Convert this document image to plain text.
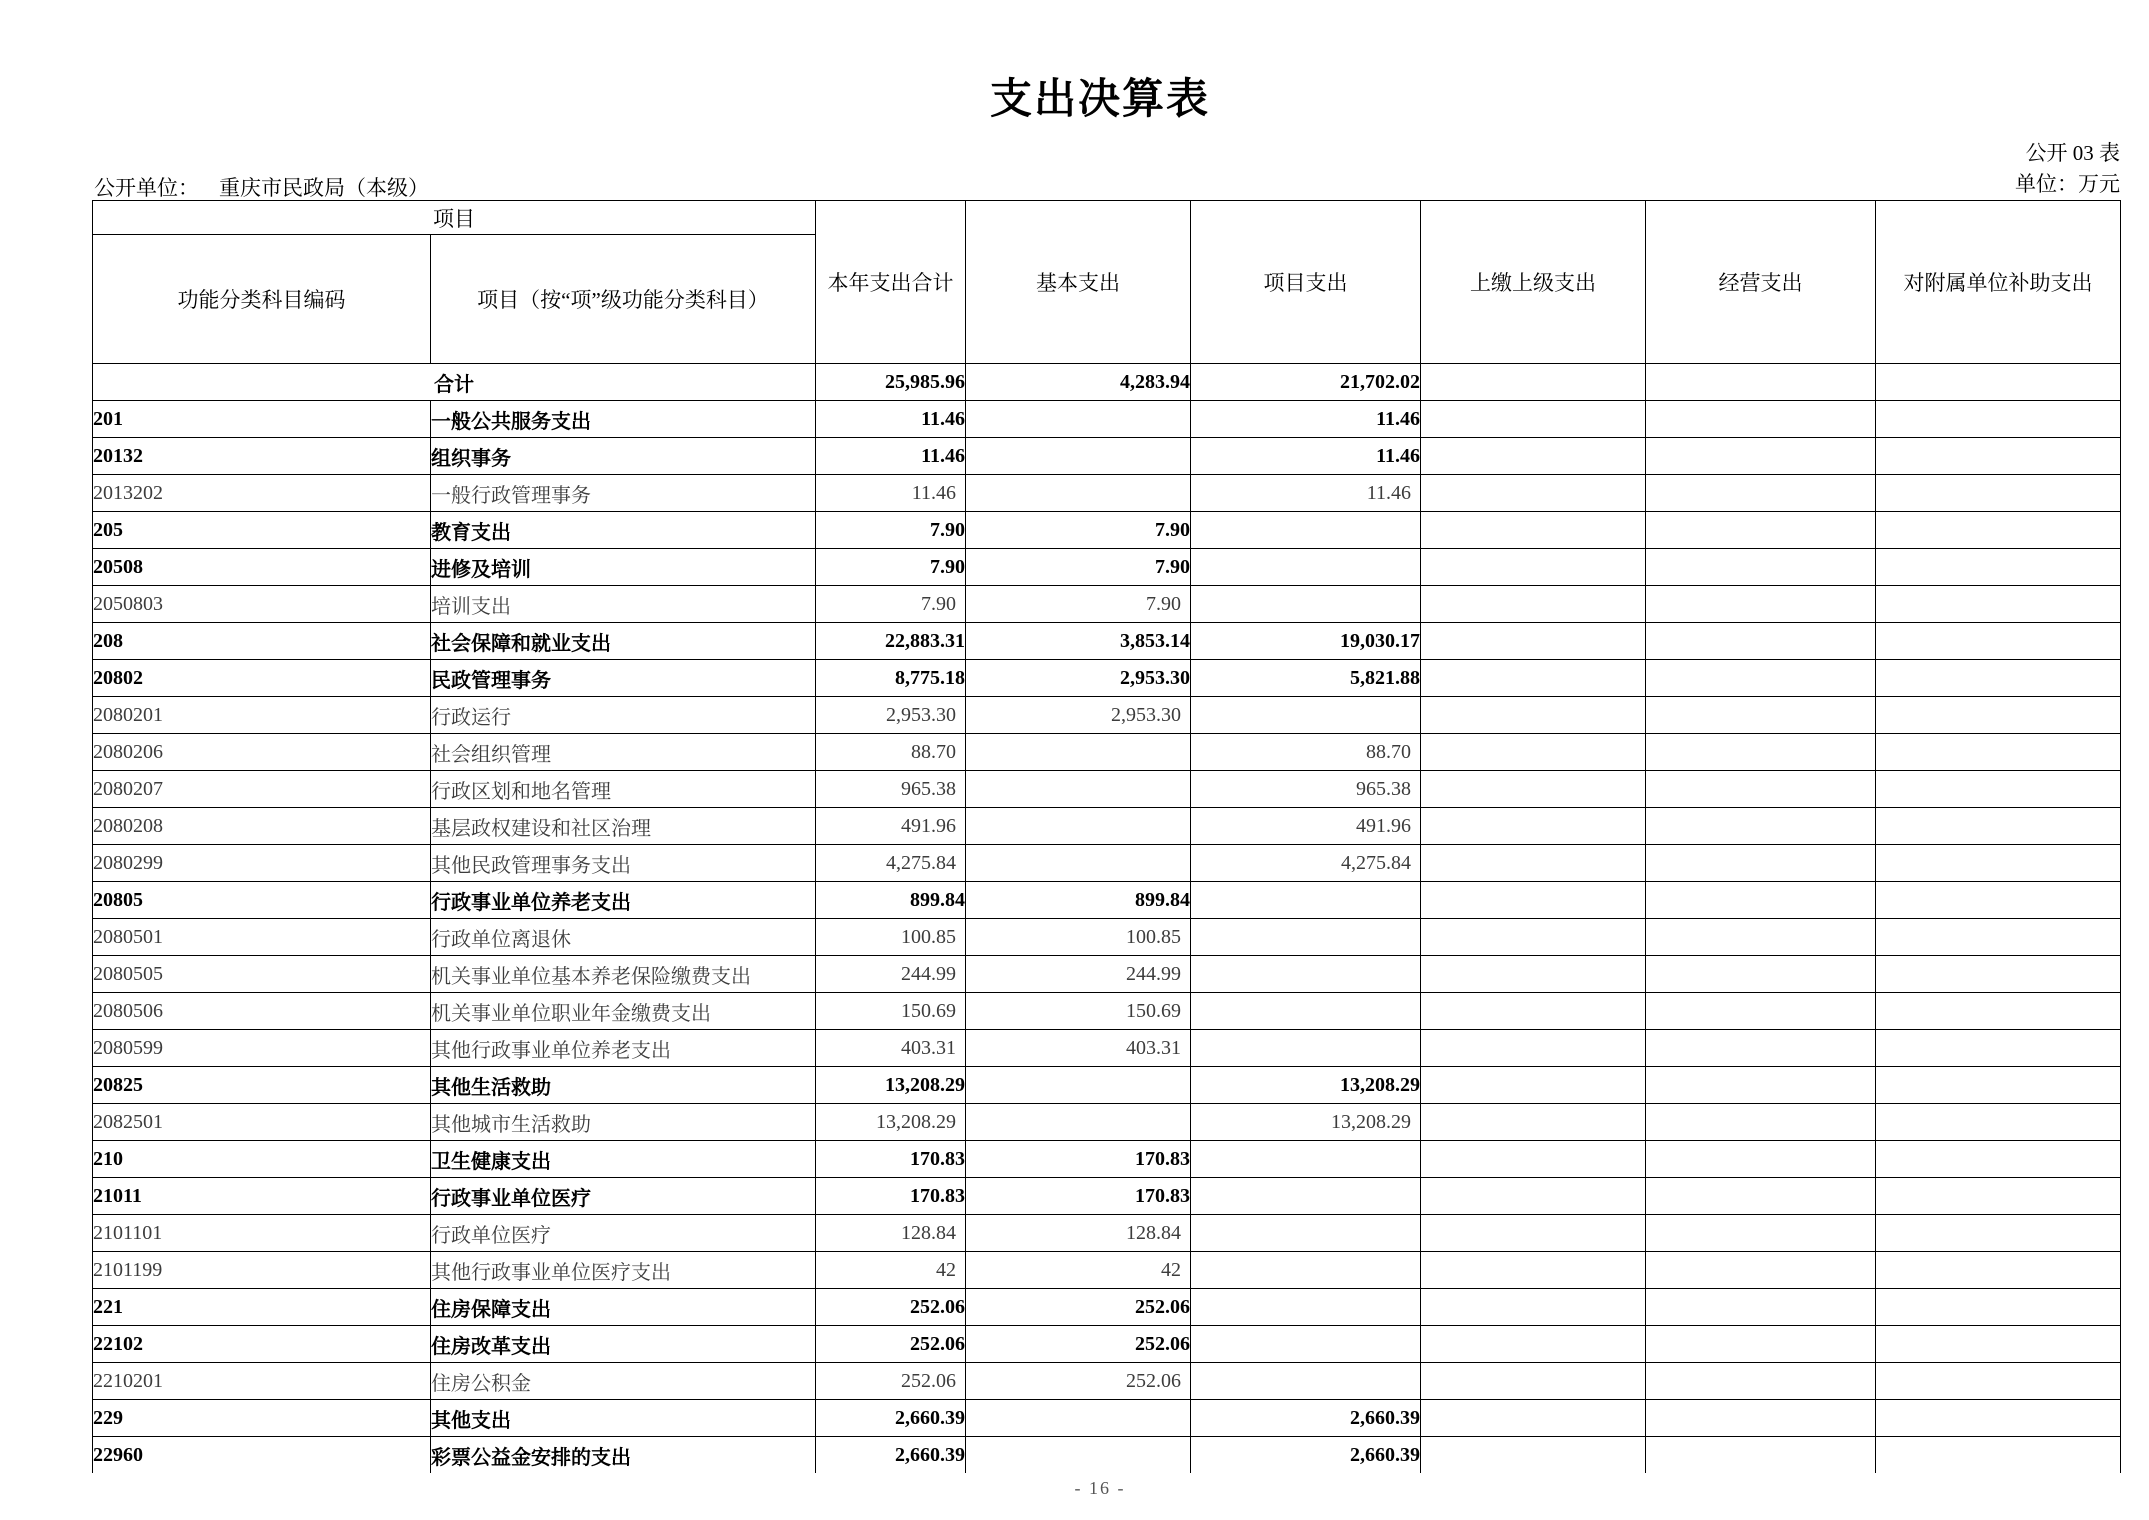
支出决算表
公开 03 表
单位：万元
公开单位： 重庆市民政局（本级）
项目		本年支出合计	基本支出	项目支出	上缴上级支出	经营支出	对附属单位补助支出
功能分类科目编码	项目（按“项”级功能分类科目）						
合计		25,985.96	4,283.94	21,702.02			
201	一般公共服务支出	11.46		11.46			
20132	组织事务	11.46		11.46			
2013202	一般行政管理事务	11.46		11.46			
205	教育支出	7.90	7.90				
20508	进修及培训	7.90	7.90				
2050803	培训支出	7.90	7.90				
208	社会保障和就业支出	22,883.31	3,853.14	19,030.17			
20802	民政管理事务	8,775.18	2,953.30	5,821.88			
2080201	行政运行	2,953.30	2,953.30				
2080206	社会组织管理	88.70		88.70			
2080207	行政区划和地名管理	965.38		965.38			
2080208	基层政权建设和社区治理	491.96		491.96			
2080299	其他民政管理事务支出	4,275.84		4,275.84			
20805	行政事业单位养老支出	899.84	899.84				
2080501	行政单位离退休	100.85	100.85				
2080505	机关事业单位基本养老保险缴费支出	244.99	244.99				
2080506	机关事业单位职业年金缴费支出	150.69	150.69				
2080599	其他行政事业单位养老支出	403.31	403.31				
20825	其他生活救助	13,208.29		13,208.29			
2082501	其他城市生活救助	13,208.29		13,208.29			
210	卫生健康支出	170.83	170.83				
21011	行政事业单位医疗	170.83	170.83				
2101101	行政单位医疗	128.84	128.84				
2101199	其他行政事业单位医疗支出	42	42				
221	住房保障支出	252.06	252.06				
22102	住房改革支出	252.06	252.06				
2210201	住房公积金	252.06	252.06				
229	其他支出	2,660.39		2,660.39			
22960	彩票公益金安排的支出	2,660.39		2,660.39			
- 16 -
